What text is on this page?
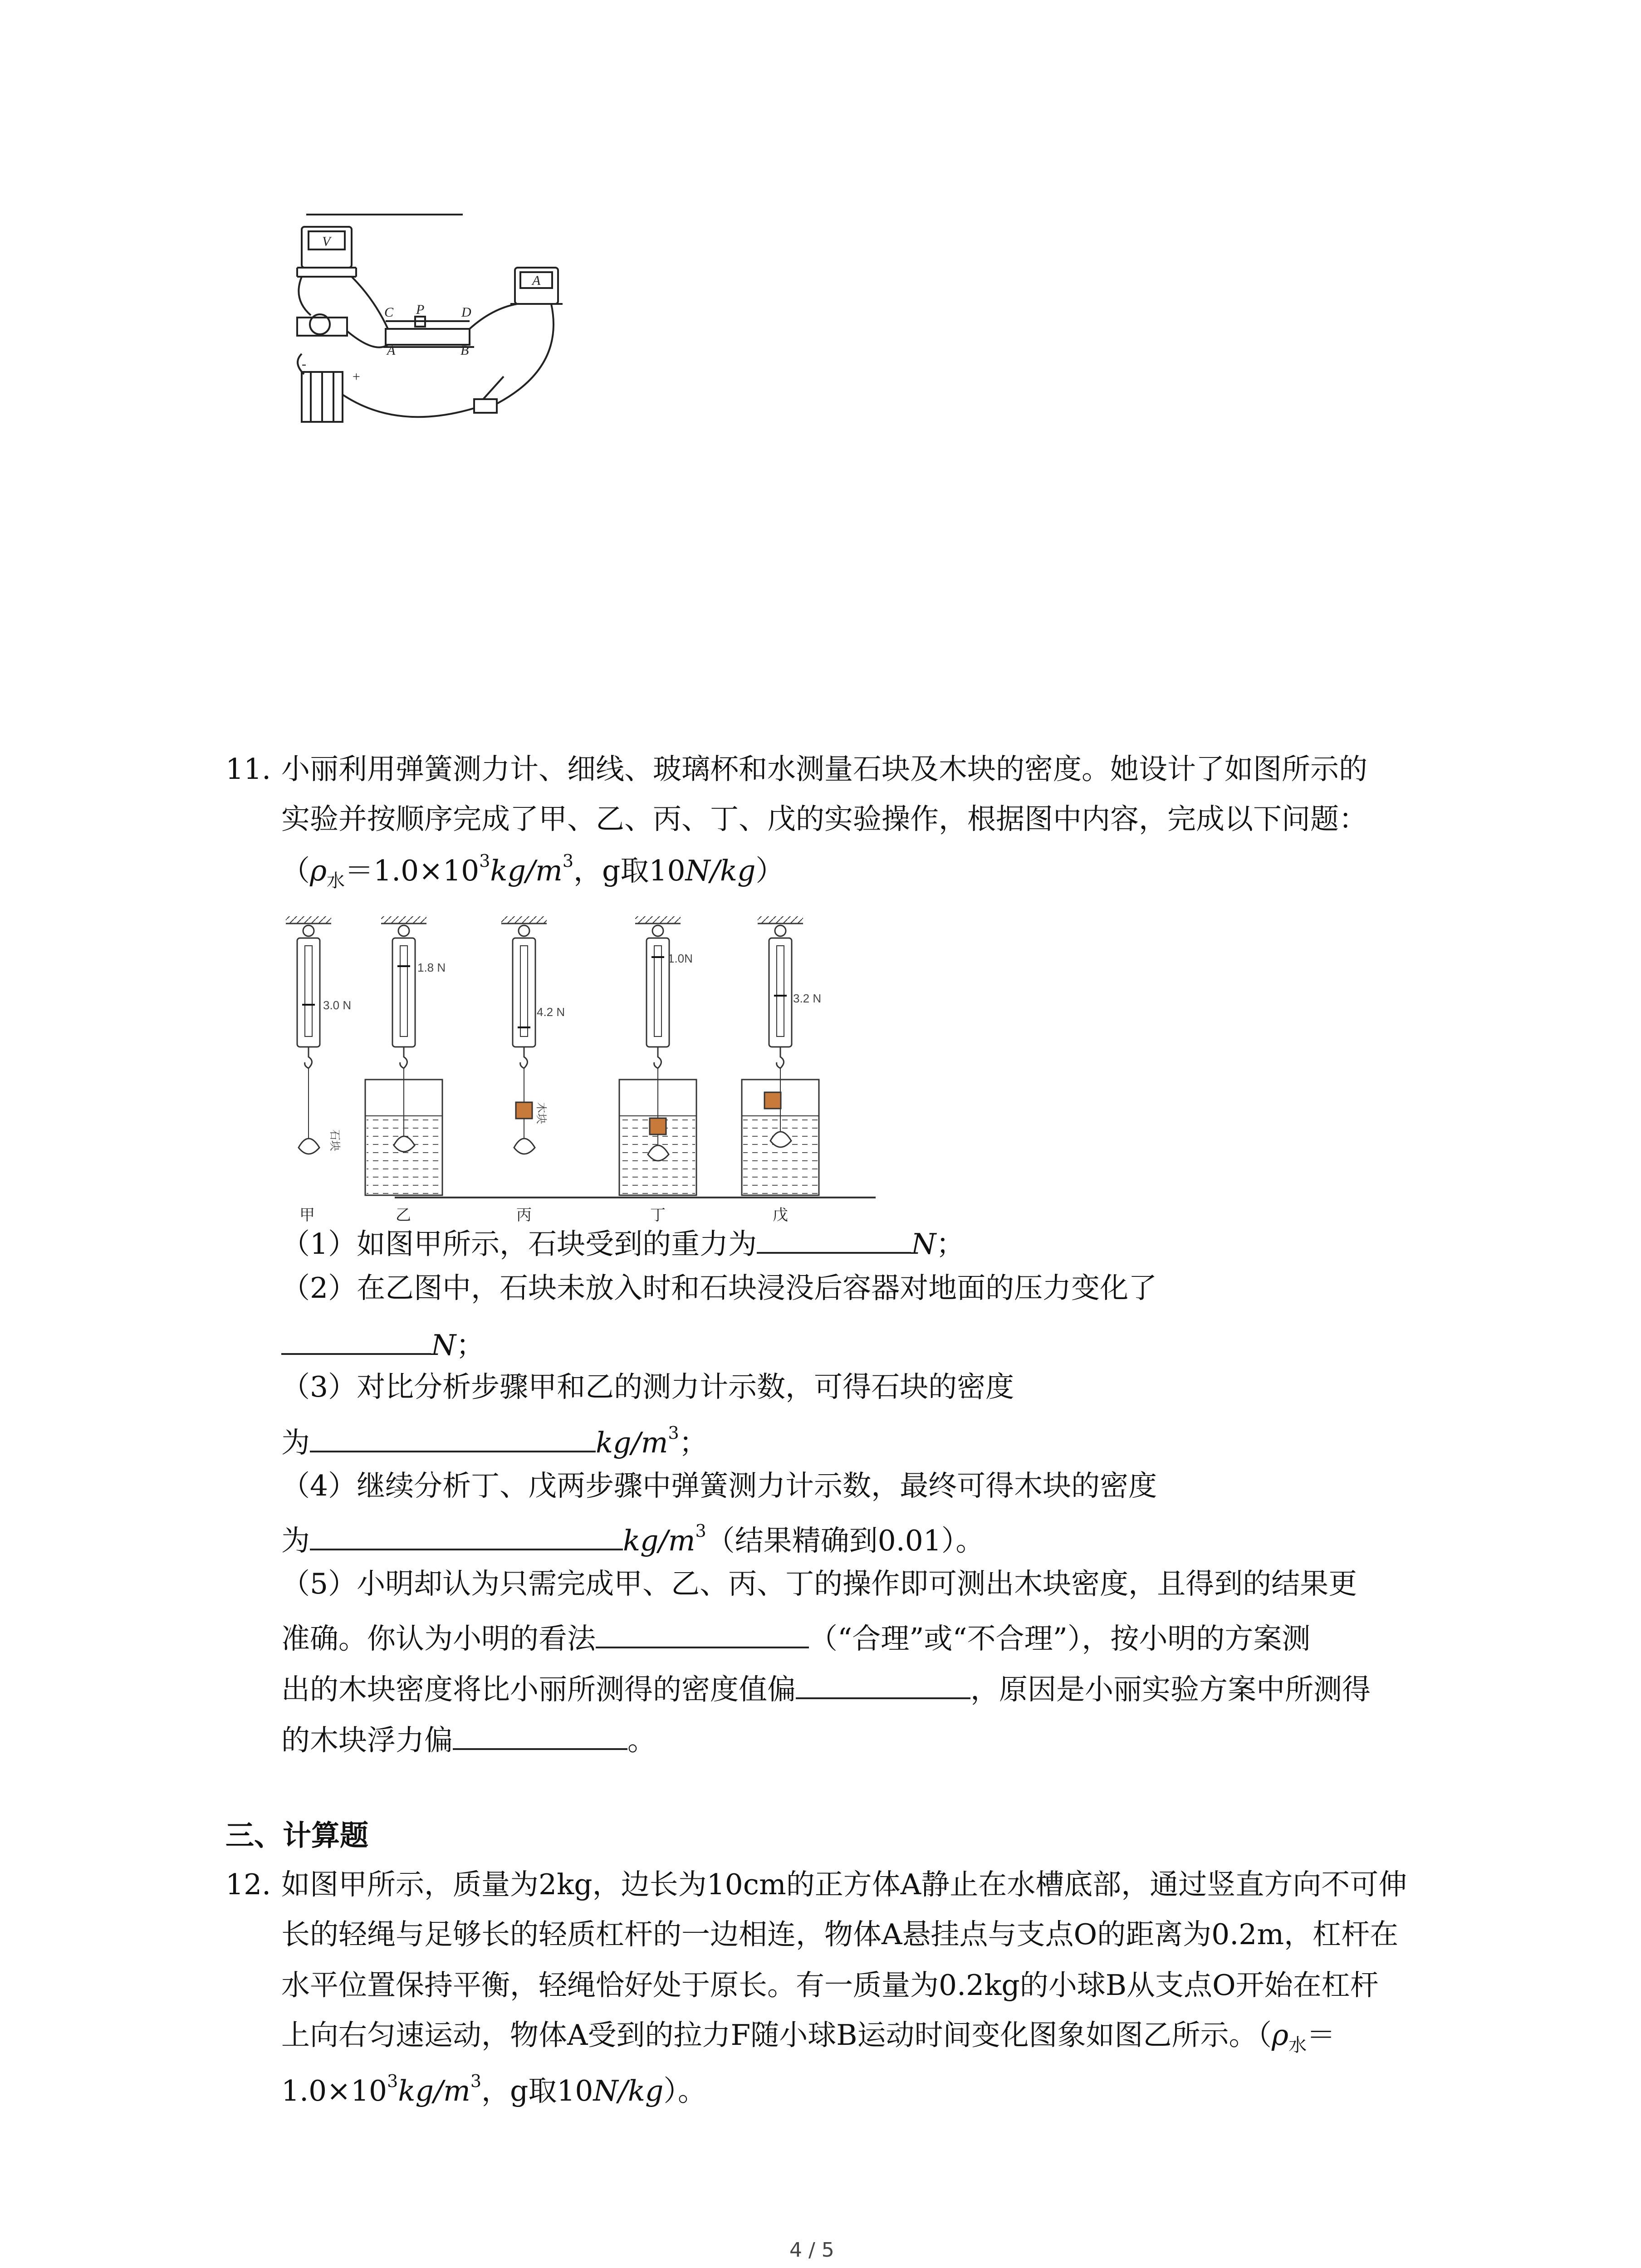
V
A
C P	D
A	B
-
+
11. 小丽利用弹簧测力计、细线、玻璃杯和水测量石块及木块的密度。她设计了如图所示的
实验并按顺序完成了甲、乙、丙、丁、戊的实验操作，根据图中内容，完成以下问题：
（$\rho_水=1.0\times 10^3kg/m^3$，g取10N/kg）
3.0 N
石块
1.8 N
4.2 N
木块
1.0N
3.2 N
甲	乙	丙	丁	戊
（1）如图甲所示，石块受到的重力为	N；
（2）在乙图中，石块未放入时和石块浸没后容器对地面的压力变化了
N；
（3）对比分析步骤甲和乙的测力计示数，可得石块的密度
为	$kg/m^3$；
（4）继续分析丁、戊两步骤中弹簧测力计示数，最终可得木块的密度
为	$kg/m^3$（结果精确到0.01）。
（5）小明却认为只需完成甲、乙、丙、丁的操作即可测出木块密度，且得到的结果更
准确。你认为小明的看法	（“合理”或“不合理”），按小明的方案测
出的木块密度将比小丽所测得的密度值偏	，原因是小丽实验方案中所测得
的木块浮力偏	。
三、计算题
12. 如图甲所示，质量为2kg，边长为10cm的正方体A静止在水槽底部，通过竖直方向不可伸
长的轻绳与足够长的轻质杠杆的一边相连，物体A悬挂点与支点O的距离为0.2m，杠杆在
水平位置保持平衡，轻绳恰好处于原长。有一质量为0.2kg的小球B从支点O开始在杠杆
上向右匀速运动，物体A受到的拉力F随小球B运动时间变化图象如图乙所示。（$\rho_水=$
$1.0\times 10^3kg/m^3$，g取10N/kg）。
4 / 5
